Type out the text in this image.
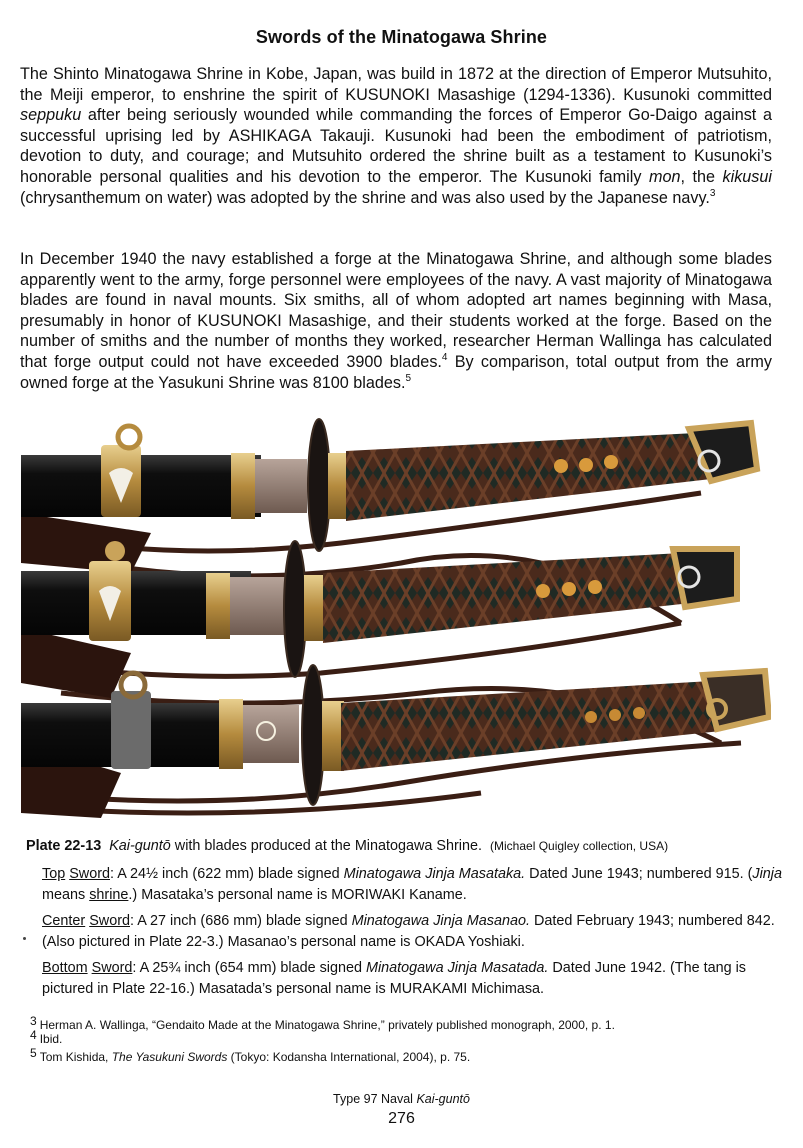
Swords of the Minatogawa Shrine

The Shinto Minatogawa Shrine in Kobe, Japan, was build in 1872 at the direction of Emperor Mutsuhito, the Meiji emperor, to enshrine the spirit of KUSUNOKI Masashige (1294-1336). Kusunoki committed seppuku after being seriously wounded while commanding the forces of Emperor Go-Daigo against a successful uprising led by ASHIKAGA Takauji. Kusunoki had been the embodiment of patriotism, devotion to duty, and courage; and Mutsuhito ordered the shrine built as a testament to Kusunoki’s honorable personal qualities and his devotion to the emperor. The Kusunoki family mon, the kikusui (chrysanthemum on water) was adopted by the shrine and was also used by the Japanese navy.$^3$

In December 1940 the navy established a forge at the Minatogawa Shrine, and although some blades apparently went to the army, forge personnel were employees of the navy. A vast majority of Minatogawa blades are found in naval mounts. Six smiths, all of whom adopted art names beginning with Masa, presumably in honor of KUSUNOKI Masashige, and their students worked at the forge. Based on the number of smiths and the number of months they worked, researcher Herman Wallinga has calculated that forge output could not have exceeded 3900 blades.$^4$ By comparison, total output from the army owned forge at the Yasukuni Shrine was 8100 blades.$^5$

Plate 22-13 Kai-guntō with blades produced at the Minatogawa Shrine. (Michael Quigley collection, USA)

Top Sword: A 24½ inch (622 mm) blade signed Minatogawa Jinja Masataka. Dated June 1943; numbered 915. (Jinja means shrine.) Masataka’s personal name is MORIWAKI Kaname.

Center Sword: A 27 inch (686 mm) blade signed Minatogawa Jinja Masanao. Dated February 1943; numbered 842. (Also pictured in Plate 22-3.) Masanao’s personal name is OKADA Yoshiaki.

Bottom Sword: A 25¾ inch (654 mm) blade signed Minatogawa Jinja Masatada. Dated June 1942. (The tang is pictured in Plate 22-16.) Masatada’s personal name is MURAKAMI Michimasa.

$^3$ Herman A. Wallinga, “Gendaito Made at the Minatogawa Shrine,” privately published monograph, 2000, p. 1.

$^4$ Ibid.

$^5$ Tom Kishida, The Yasukuni Swords (Tokyo: Kodansha International, 2004), p. 75.

Type 97 Naval Kai-guntō

276
